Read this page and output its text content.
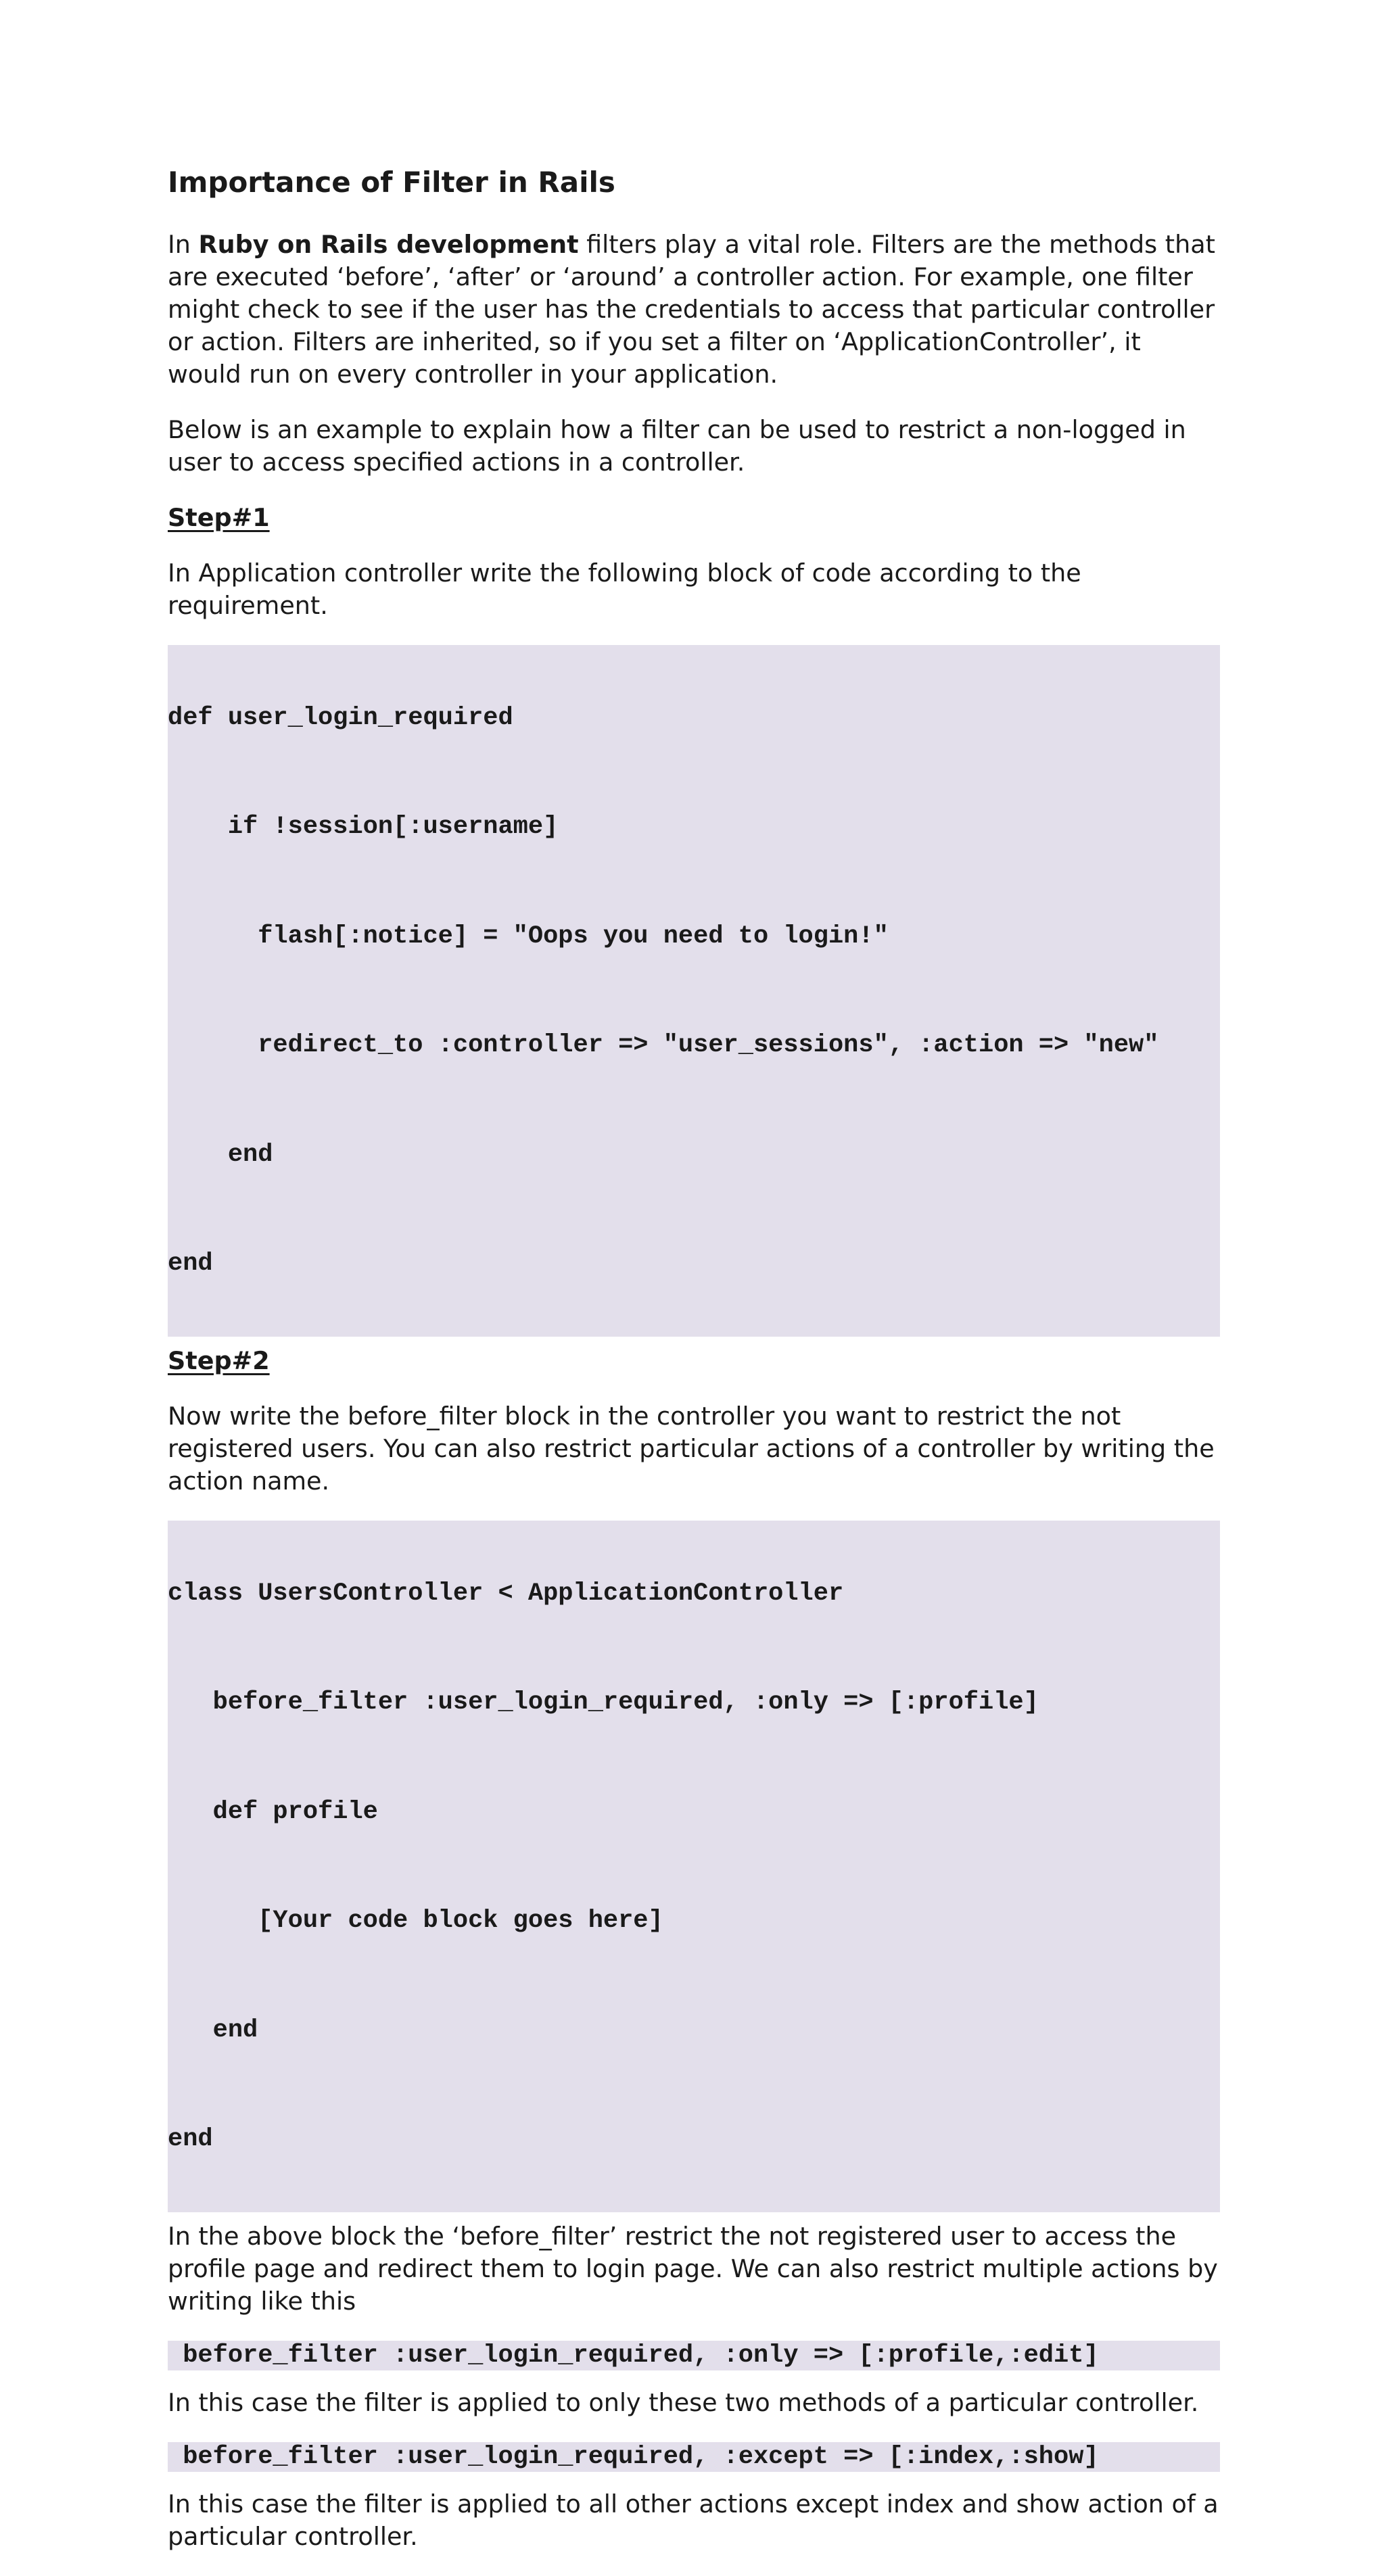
Importance of Filter in Rails

In Ruby on Rails development filters play a vital role. Filters are the methods that are executed ‘before’, ‘after’ or ‘around’ a controller action. For example, one filter might check to see if the user has the credentials to access that particular controller or action. Filters are inherited, so if you set a filter on ‘ApplicationController’, it would run on every controller in your application.

Below is an example to explain how a filter can be used to restrict a non-logged in user to access specified actions in a controller.

Step#1

In Application controller write the following block of code according to the requirement.

def user_login_required

if !session[:username]

flash[:notice] = "Oops you need to login!"

redirect_to :controller => "user_sessions", :action => "new"

end

end

Step#2

Now write the before_filter block in the controller you want to restrict the not registered users. You can also restrict particular actions of a controller by writing the action name.

class UsersController < ApplicationController

before_filter :user_login_required, :only => [:profile]

def profile

[Your code block goes here]

end

end

In the above block the ‘before_filter’ restrict the not registered user to access the profile page and redirect them to login page. We can also restrict multiple actions by writing like this

before_filter :user_login_required, :only => [:profile,:edit]

In this case the filter is applied to only these two methods of a particular controller.

before_filter :user_login_required, :except => [:index,:show]

In this case the filter is applied to all other actions except index and show action of a particular controller.
